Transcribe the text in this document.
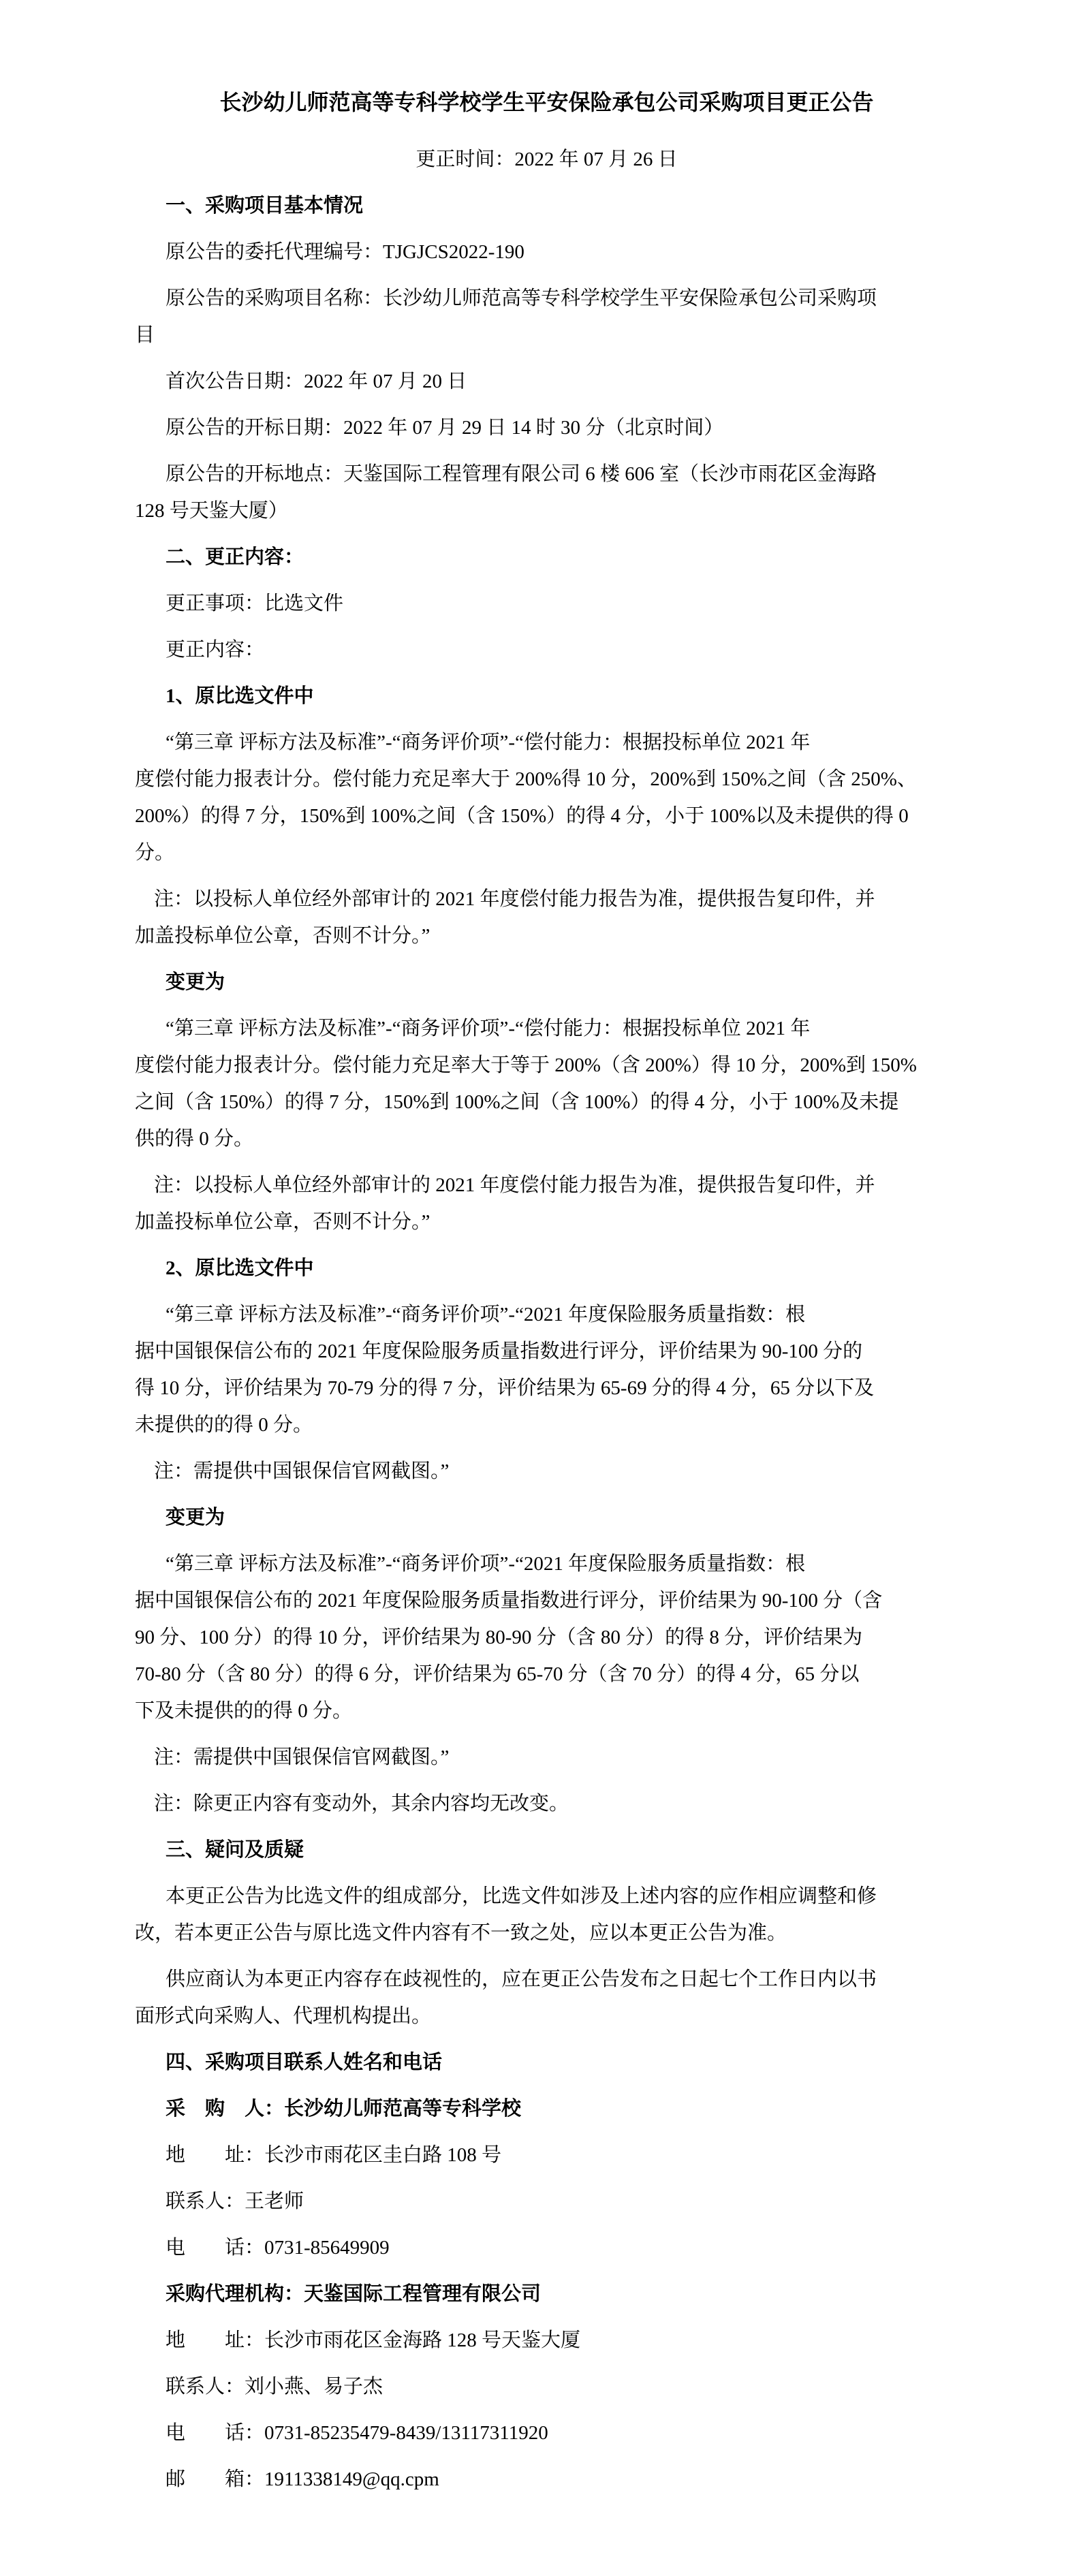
长沙幼儿师范高等专科学校学生平安保险承包公司采购项目更正公告
更正时间：2022 年 07 月 26 日
一、采购项目基本情况
原公告的委托代理编号：TJGJCS2022-190
原公告的采购项目名称：长沙幼儿师范高等专科学校学生平安保险承包公司采购项
目
首次公告日期：2022 年 07 月 20 日
原公告的开标日期：2022 年 07 月 29 日 14 时 30 分（北京时间）
原公告的开标地点：天鉴国际工程管理有限公司 6 楼 606 室（长沙市雨花区金海路
128 号天鉴大厦）
二、更正内容：
更正事项：比选文件
更正内容：
1、原比选文件中
“第三章 评标方法及标准”-“商务评价项”-“偿付能力：根据投标单位 2021 年
度偿付能力报表计分。偿付能力充足率大于 200%得 10 分，200%到 150%之间（含 250%、
200%）的得 7 分，150%到 100%之间（含 150%）的得 4 分，小于 100%以及未提供的得 0
分。
注：以投标人单位经外部审计的 2021 年度偿付能力报告为准，提供报告复印件，并
加盖投标单位公章，否则不计分。”
变更为
“第三章 评标方法及标准”-“商务评价项”-“偿付能力：根据投标单位 2021 年
度偿付能力报表计分。偿付能力充足率大于等于 200%（含 200%）得 10 分，200%到 150%
之间（含 150%）的得 7 分，150%到 100%之间（含 100%）的得 4 分，小于 100%及未提
供的得 0 分。
注：以投标人单位经外部审计的 2021 年度偿付能力报告为准，提供报告复印件，并
加盖投标单位公章，否则不计分。”
2、原比选文件中
“第三章 评标方法及标准”-“商务评价项”-“2021 年度保险服务质量指数：根
据中国银保信公布的 2021 年度保险服务质量指数进行评分，评价结果为 90-100 分的
得 10 分，评价结果为 70-79 分的得 7 分，评价结果为 65-69 分的得 4 分，65 分以下及
未提供的的得 0 分。
注：需提供中国银保信官网截图。”
变更为
“第三章 评标方法及标准”-“商务评价项”-“2021 年度保险服务质量指数：根
据中国银保信公布的 2021 年度保险服务质量指数进行评分，评价结果为 90-100 分（含
90 分、100 分）的得 10 分，评价结果为 80-90 分（含 80 分）的得 8 分，评价结果为
70-80 分（含 80 分）的得 6 分，评价结果为 65-70 分（含 70 分）的得 4 分，65 分以
下及未提供的的得 0 分。
注：需提供中国银保信官网截图。”
注：除更正内容有变动外，其余内容均无改变。
三、疑问及质疑
本更正公告为比选文件的组成部分，比选文件如涉及上述内容的应作相应调整和修
改，若本更正公告与原比选文件内容有不一致之处，应以本更正公告为准。
供应商认为本更正内容存在歧视性的，应在更正公告发布之日起七个工作日内以书
面形式向采购人、代理机构提出。
四、采购项目联系人姓名和电话
采　购　人：长沙幼儿师范高等专科学校
地　　址：长沙市雨花区圭白路 108 号
联系人：王老师
电　　话：0731-85649909
采购代理机构：天鉴国际工程管理有限公司
地　　址：长沙市雨花区金海路 128 号天鉴大厦
联系人：刘小燕、易子杰
电　　话：0731-85235479-8439/13117311920
邮　　箱：1911338149@qq.cpm
